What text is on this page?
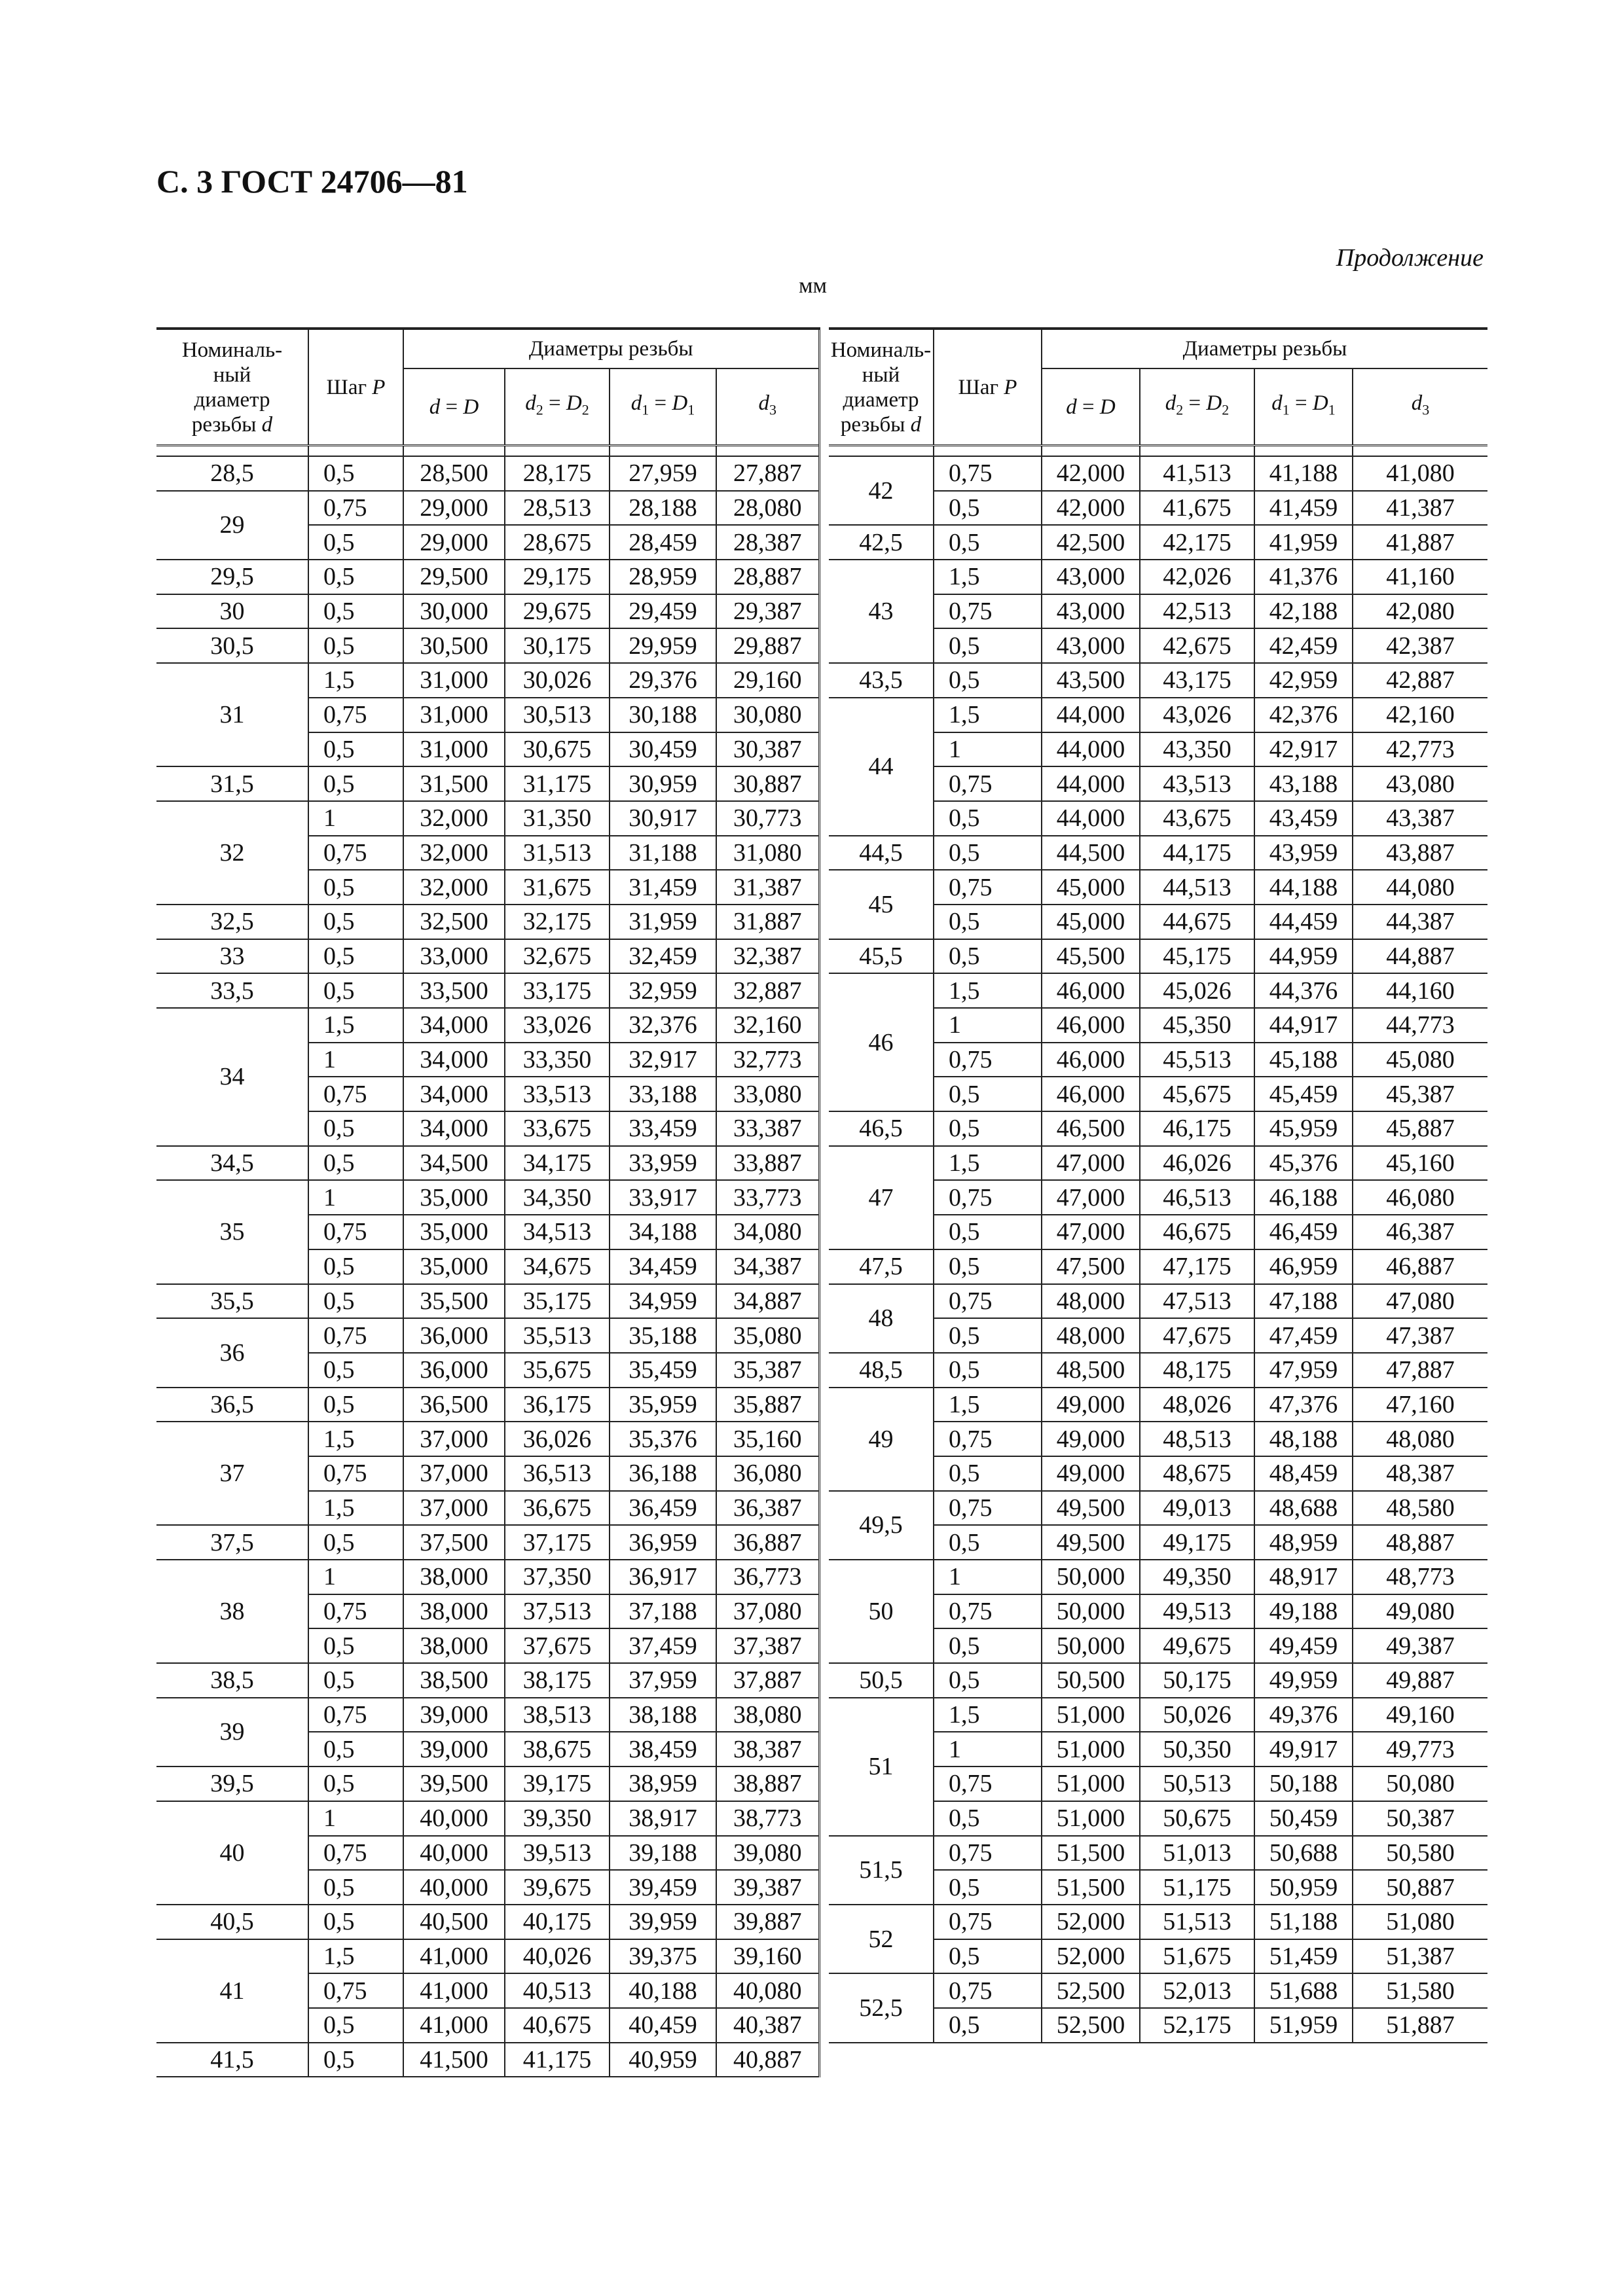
С. 3 ГОСТ 24706—81
Продолжение
мм
Номиналь-
ный
диаметр
резьбы d	Шаг P	Диаметры резьбы			
		d = D	$d_2 = D_2$	$d_1 = D_1$	$d_3$

28,5	0,5	28,500	28,175	27,959	27,887
29	0,75	29,000	28,513	28,188	28,080
	0,5	29,000	28,675	28,459	28,387
29,5	0,5	29,500	29,175	28,959	28,887
30	0,5	30,000	29,675	29,459	29,387
30,5	0,5	30,500	30,175	29,959	29,887
31	1,5	31,000	30,026	29,376	29,160
	0,75	31,000	30,513	30,188	30,080
	0,5	31,000	30,675	30,459	30,387
31,5	0,5	31,500	31,175	30,959	30,887
32	1	32,000	31,350	30,917	30,773
	0,75	32,000	31,513	31,188	31,080
	0,5	32,000	31,675	31,459	31,387
32,5	0,5	32,500	32,175	31,959	31,887
33	0,5	33,000	32,675	32,459	32,387
33,5	0,5	33,500	33,175	32,959	32,887
34	1,5	34,000	33,026	32,376	32,160
	1	34,000	33,350	32,917	32,773
	0,75	34,000	33,513	33,188	33,080
	0,5	34,000	33,675	33,459	33,387
34,5	0,5	34,500	34,175	33,959	33,887
35	1	35,000	34,350	33,917	33,773
	0,75	35,000	34,513	34,188	34,080
	0,5	35,000	34,675	34,459	34,387
35,5	0,5	35,500	35,175	34,959	34,887
36	0,75	36,000	35,513	35,188	35,080
	0,5	36,000	35,675	35,459	35,387
36,5	0,5	36,500	36,175	35,959	35,887
37	1,5	37,000	36,026	35,376	35,160
	0,75	37,000	36,513	36,188	36,080
	1,5	37,000	36,675	36,459	36,387
37,5	0,5	37,500	37,175	36,959	36,887
38	1	38,000	37,350	36,917	36,773
	0,75	38,000	37,513	37,188	37,080
	0,5	38,000	37,675	37,459	37,387
38,5	0,5	38,500	38,175	37,959	37,887
39	0,75	39,000	38,513	38,188	38,080
	0,5	39,000	38,675	38,459	38,387
39,5	0,5	39,500	39,175	38,959	38,887
40	1	40,000	39,350	38,917	38,773
	0,75	40,000	39,513	39,188	39,080
	0,5	40,000	39,675	39,459	39,387
40,5	0,5	40,500	40,175	39,959	39,887
41	1,5	41,000	40,026	39,375	39,160
	0,75	41,000	40,513	40,188	40,080
	0,5	41,000	40,675	40,459	40,387
41,5	0,5	41,500	41,175	40,959	40,887
Номиналь-
ный
диаметр
резьбы d	Шаг P	Диаметры резьбы			
		d = D	$d_2 = D_2$	$d_1 = D_1$	$d_3$

42	0,75	42,000	41,513	41,188	41,080
	0,5	42,000	41,675	41,459	41,387
42,5	0,5	42,500	42,175	41,959	41,887
43	1,5	43,000	42,026	41,376	41,160
	0,75	43,000	42,513	42,188	42,080
	0,5	43,000	42,675	42,459	42,387
43,5	0,5	43,500	43,175	42,959	42,887
44	1,5	44,000	43,026	42,376	42,160
	1	44,000	43,350	42,917	42,773
	0,75	44,000	43,513	43,188	43,080
	0,5	44,000	43,675	43,459	43,387
44,5	0,5	44,500	44,175	43,959	43,887
45	0,75	45,000	44,513	44,188	44,080
	0,5	45,000	44,675	44,459	44,387
45,5	0,5	45,500	45,175	44,959	44,887
46	1,5	46,000	45,026	44,376	44,160
	1	46,000	45,350	44,917	44,773
	0,75	46,000	45,513	45,188	45,080
	0,5	46,000	45,675	45,459	45,387
46,5	0,5	46,500	46,175	45,959	45,887
47	1,5	47,000	46,026	45,376	45,160
	0,75	47,000	46,513	46,188	46,080
	0,5	47,000	46,675	46,459	46,387
47,5	0,5	47,500	47,175	46,959	46,887
48	0,75	48,000	47,513	47,188	47,080
	0,5	48,000	47,675	47,459	47,387
48,5	0,5	48,500	48,175	47,959	47,887
49	1,5	49,000	48,026	47,376	47,160
	0,75	49,000	48,513	48,188	48,080
	0,5	49,000	48,675	48,459	48,387
49,5	0,75	49,500	49,013	48,688	48,580
	0,5	49,500	49,175	48,959	48,887
50	1	50,000	49,350	48,917	48,773
	0,75	50,000	49,513	49,188	49,080
	0,5	50,000	49,675	49,459	49,387
50,5	0,5	50,500	50,175	49,959	49,887
51	1,5	51,000	50,026	49,376	49,160
	1	51,000	50,350	49,917	49,773
	0,75	51,000	50,513	50,188	50,080
	0,5	51,000	50,675	50,459	50,387
51,5	0,75	51,500	51,013	50,688	50,580
	0,5	51,500	51,175	50,959	50,887
52	0,75	52,000	51,513	51,188	51,080
	0,5	52,000	51,675	51,459	51,387
52,5	0,75	52,500	52,013	51,688	51,580
	0,5	52,500	52,175	51,959	51,887
